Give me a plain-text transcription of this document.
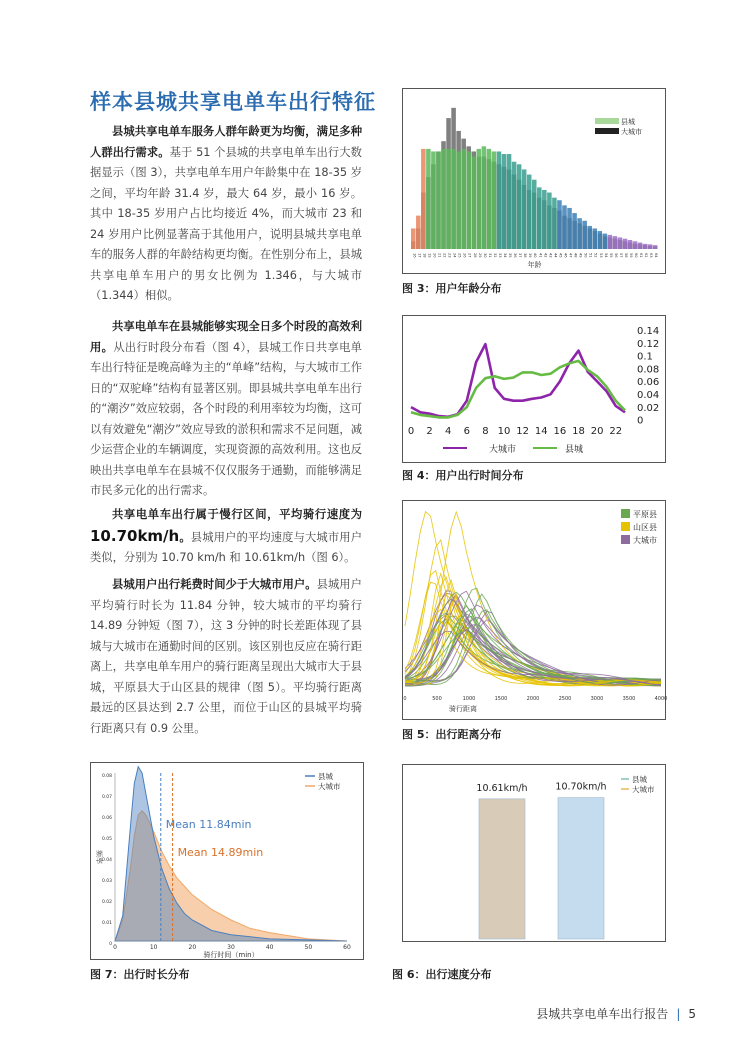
样本县城共享电单车出行特征
县城共享电单车服务人群年龄更为均衡，满足多种人群出行需求。基于 51 个县城的共享电单车出行大数据显示（图 3），共享电单车用户年龄集中在 18-35 岁之间，平均年龄 31.4 岁，最大 64 岁，最小 16 岁。其中 18-35 岁用户占比均接近 4%，而大城市 23 和 24 岁用户比例显著高于其他用户，说明县城共享电单车的服务人群的年龄结构更均衡。在性别分布上，县城共享电单车用户的男女比例为 1.346，与大城市（1.344）相似。
共享电单车在县城能够实现全日多个时段的高效利用。从出行时段分布看（图 4），县城工作日共享电单车出行特征是晚高峰为主的“单峰”结构，与大城市工作日的“双驼峰”结构有显著区别。即县城共享电单车出行的“潮汐”效应较弱，各个时段的利用率较为均衡，这可以有效避免“潮汐”效应导致的淤积和需求不足问题，减少运营企业的车辆调度，实现资源的高效利用。这也反映出共享电单车在县城不仅仅服务于通勤，而能够满足市民多元化的出行需求。
共享电单车出行属于慢行区间，平均骑行速度为10.70km/h。县城用户的平均速度与大城市用户类似，分别为 10.70 km/h 和 10.61km/h（图 6）。
县城用户出行耗费时间少于大城市用户。县城用户平均骑行时长为 11.84 分钟，较大城市的平均骑行 14.89 分钟短（图 7），这 3 分钟的时长差距体现了县城与大城市在通勤时间的区别。该区别也反应在骑行距离上，共享电单车用户的骑行距离呈现出大城市大于县城，平原县大于山区县的规律（图 5）。平均骑行距离最远的区县达到 2.7 公里，而位于山区的县城平均骑行距离只有 0.9 公里。
16 17 18 19 20 21 22 23 24 25 26 27 28 29 30 31 32 33 34 35 36 37 38 39 40 41 42 43 44 45 46 47 48 49 50 51 52 53 54 55 56 57 58 59 60 61 62 63 64
年龄
县城
大城市
图 3：用户年龄分布
0 2 4 6 8 10 12 14 16 18 20 22
0.14
0.12
0.1
0.08
0.06
0.04
0.02
0
大城市	县城
图 4：用户出行时间分布
0	500	1000	1500	2000	2500	3000	3500	4000
骑行距离
平原县
山区县
大城市
图 5：出行距离分布
Mean 11.84min
Mean 14.89min
0	10	20	30	40	50	60
0.08
0.07
0.06
0.05
0.04
0.03
0.02
0.01
0
骑行时间（min）
频率
县城
大城市
图 7：出行时长分布
10.61km/h	10.70km/h
县城
大城市
图 6：出行速度分布
县城共享电单车出行报告 | 5
